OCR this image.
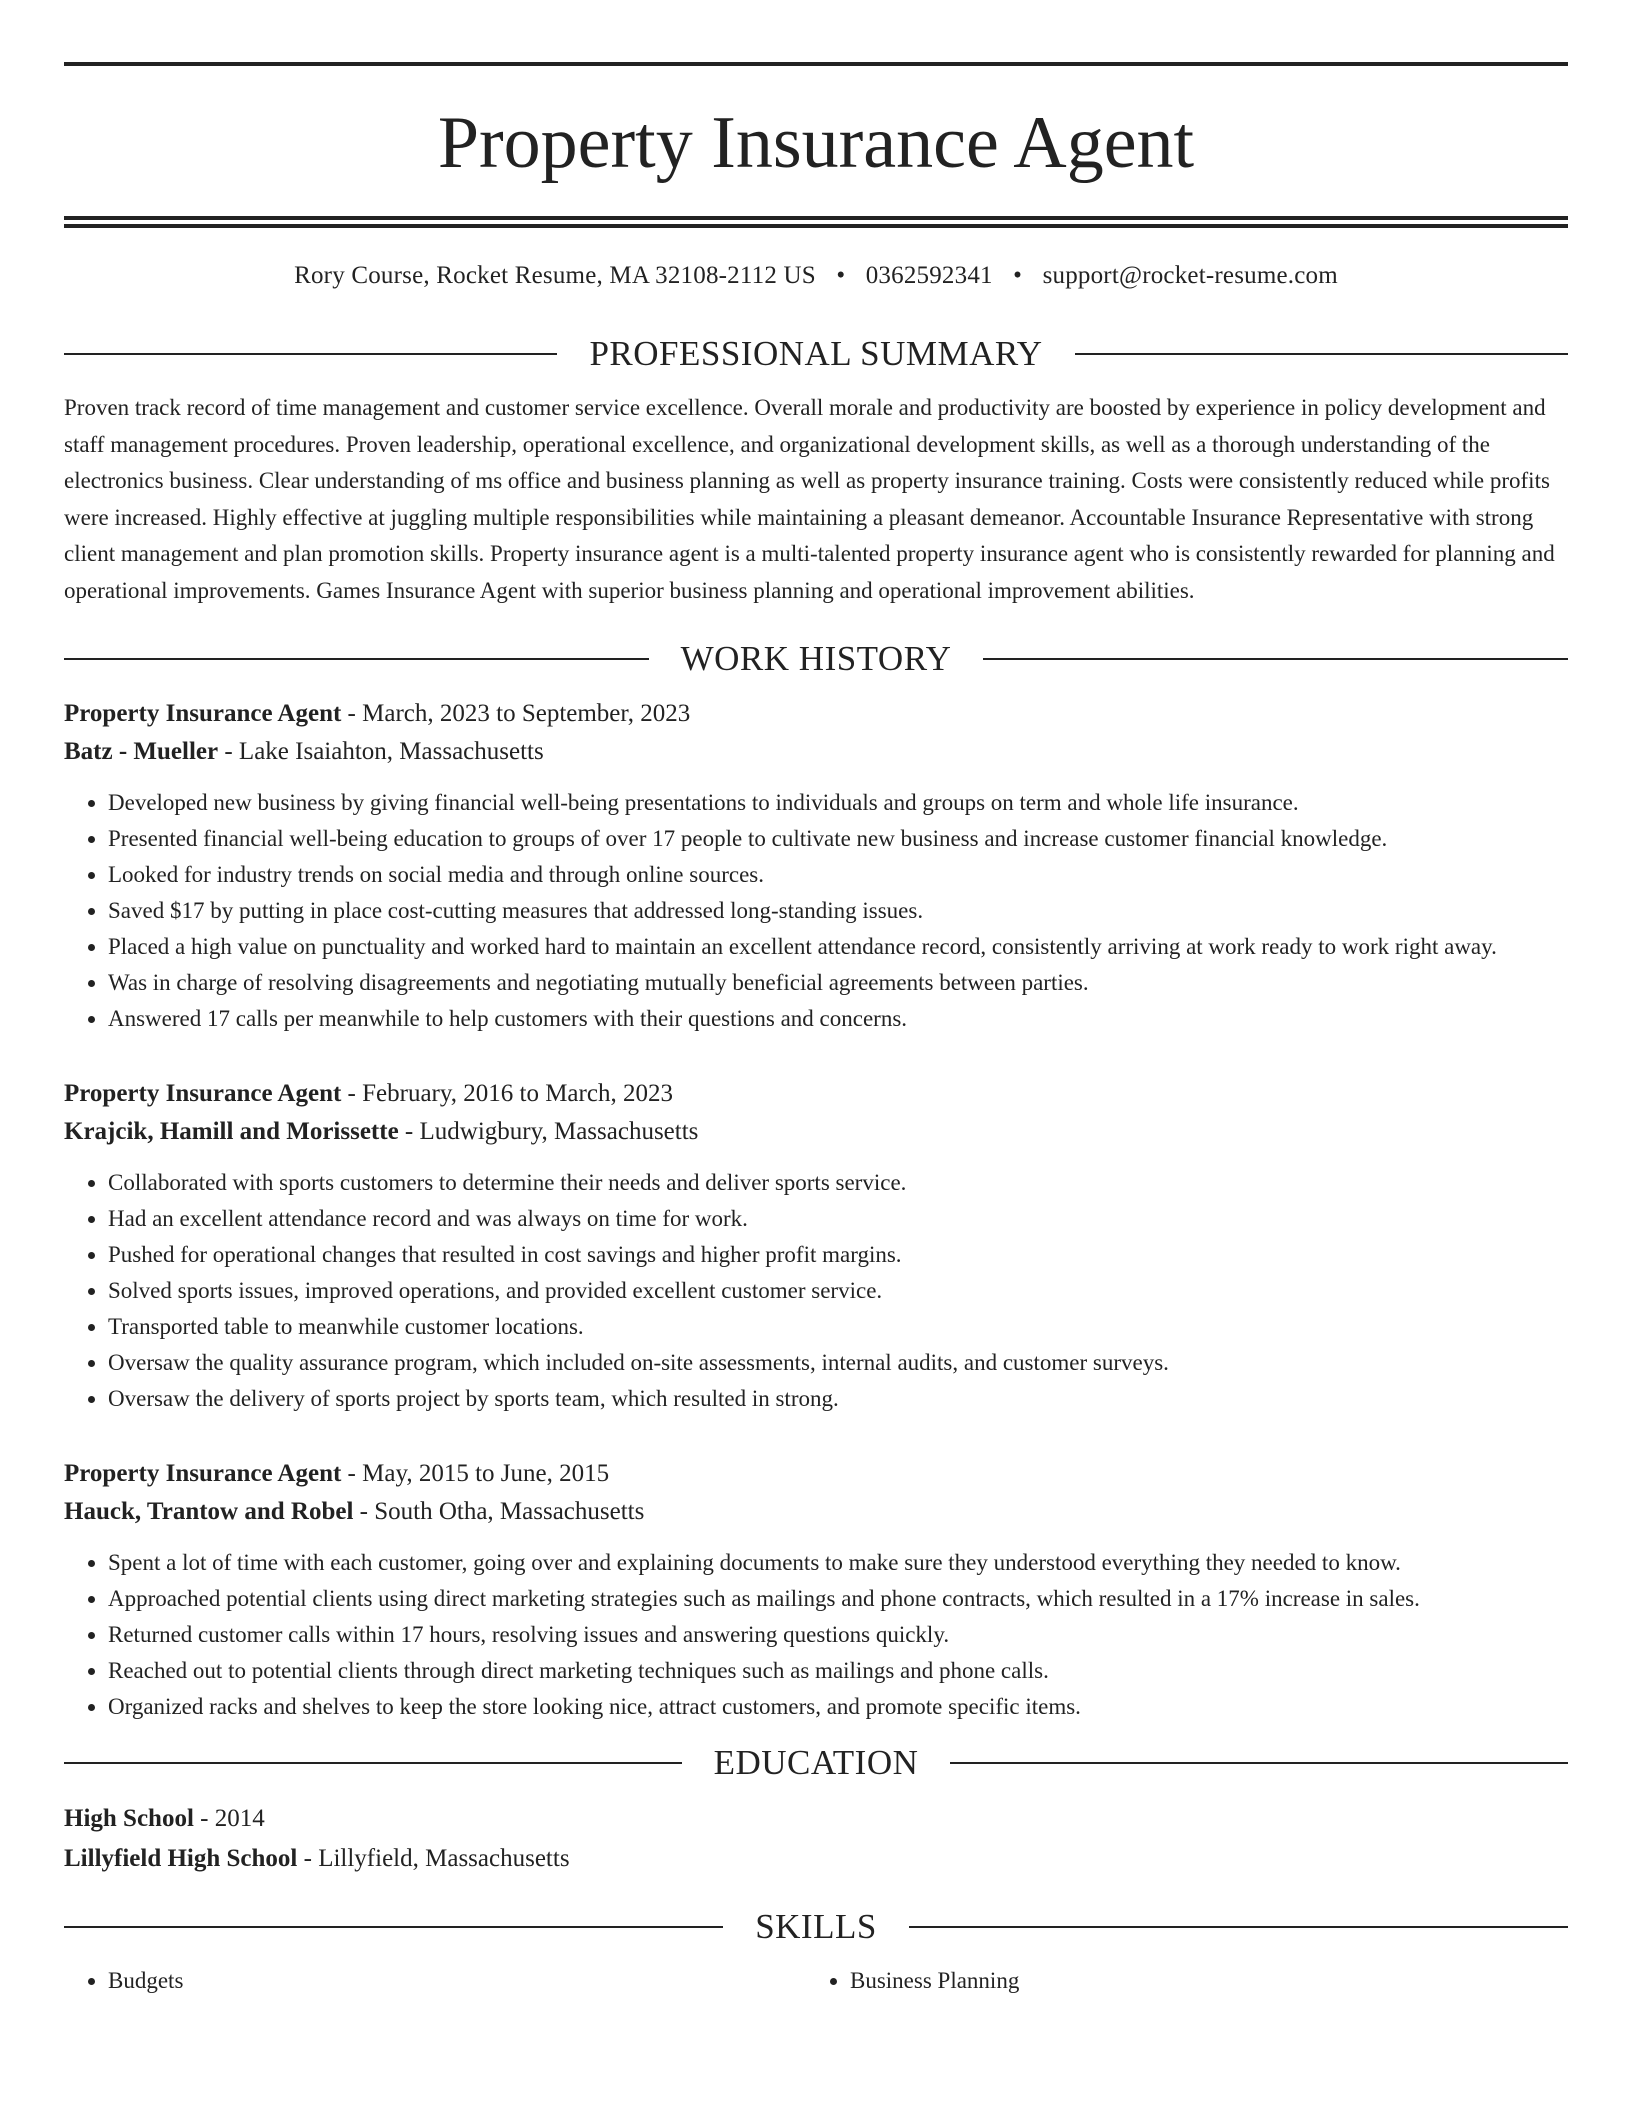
Property Insurance Agent
Rory Course, Rocket Resume, MA 32108-2112 US • 0362592341 • support@rocket-resume.com
PROFESSIONAL SUMMARY

Proven track record of time management and customer service excellence. Overall morale and productivity are boosted by experience in policy development and staff management procedures. Proven leadership, operational excellence, and organizational development skills, as well as a thorough understanding of the electronics business. Clear understanding of ms office and business planning as well as property insurance training. Costs were consistently reduced while profits were increased. Highly effective at juggling multiple responsibilities while maintaining a pleasant demeanor. Accountable Insurance Representative with strong client management and plan promotion skills. Property insurance agent is a multi-talented property insurance agent who is consistently rewarded for planning and operational improvements. Games Insurance Agent with superior business planning and operational improvement abilities.

WORK HISTORY
Property Insurance Agent - March, 2023 to September, 2023
Batz - Mueller - Lake Isaiahton, Massachusetts
• Developed new business by giving financial well-being presentations to individuals and groups on term and whole life insurance.
• Presented financial well-being education to groups of over 17 people to cultivate new business and increase customer financial knowledge.
• Looked for industry trends on social media and through online sources.
• Saved $17 by putting in place cost-cutting measures that addressed long-standing issues.
• Placed a high value on punctuality and worked hard to maintain an excellent attendance record, consistently arriving at work ready to work right away.
• Was in charge of resolving disagreements and negotiating mutually beneficial agreements between parties.
• Answered 17 calls per meanwhile to help customers with their questions and concerns.
Property Insurance Agent - February, 2016 to March, 2023
Krajcik, Hamill and Morissette - Ludwigbury, Massachusetts
• Collaborated with sports customers to determine their needs and deliver sports service.
• Had an excellent attendance record and was always on time for work.
• Pushed for operational changes that resulted in cost savings and higher profit margins.
• Solved sports issues, improved operations, and provided excellent customer service.
• Transported table to meanwhile customer locations.
• Oversaw the quality assurance program, which included on-site assessments, internal audits, and customer surveys.
• Oversaw the delivery of sports project by sports team, which resulted in strong.
Property Insurance Agent - May, 2015 to June, 2015
Hauck, Trantow and Robel - South Otha, Massachusetts
• Spent a lot of time with each customer, going over and explaining documents to make sure they understood everything they needed to know.
• Approached potential clients using direct marketing strategies such as mailings and phone contracts, which resulted in a 17% increase in sales.
• Returned customer calls within 17 hours, resolving issues and answering questions quickly.
• Reached out to potential clients through direct marketing techniques such as mailings and phone calls.
• Organized racks and shelves to keep the store looking nice, attract customers, and promote specific items.
EDUCATION
High School - 2014
Lillyfield High School - Lillyfield, Massachusetts
SKILLS
• Budgets
•	Business Planning
